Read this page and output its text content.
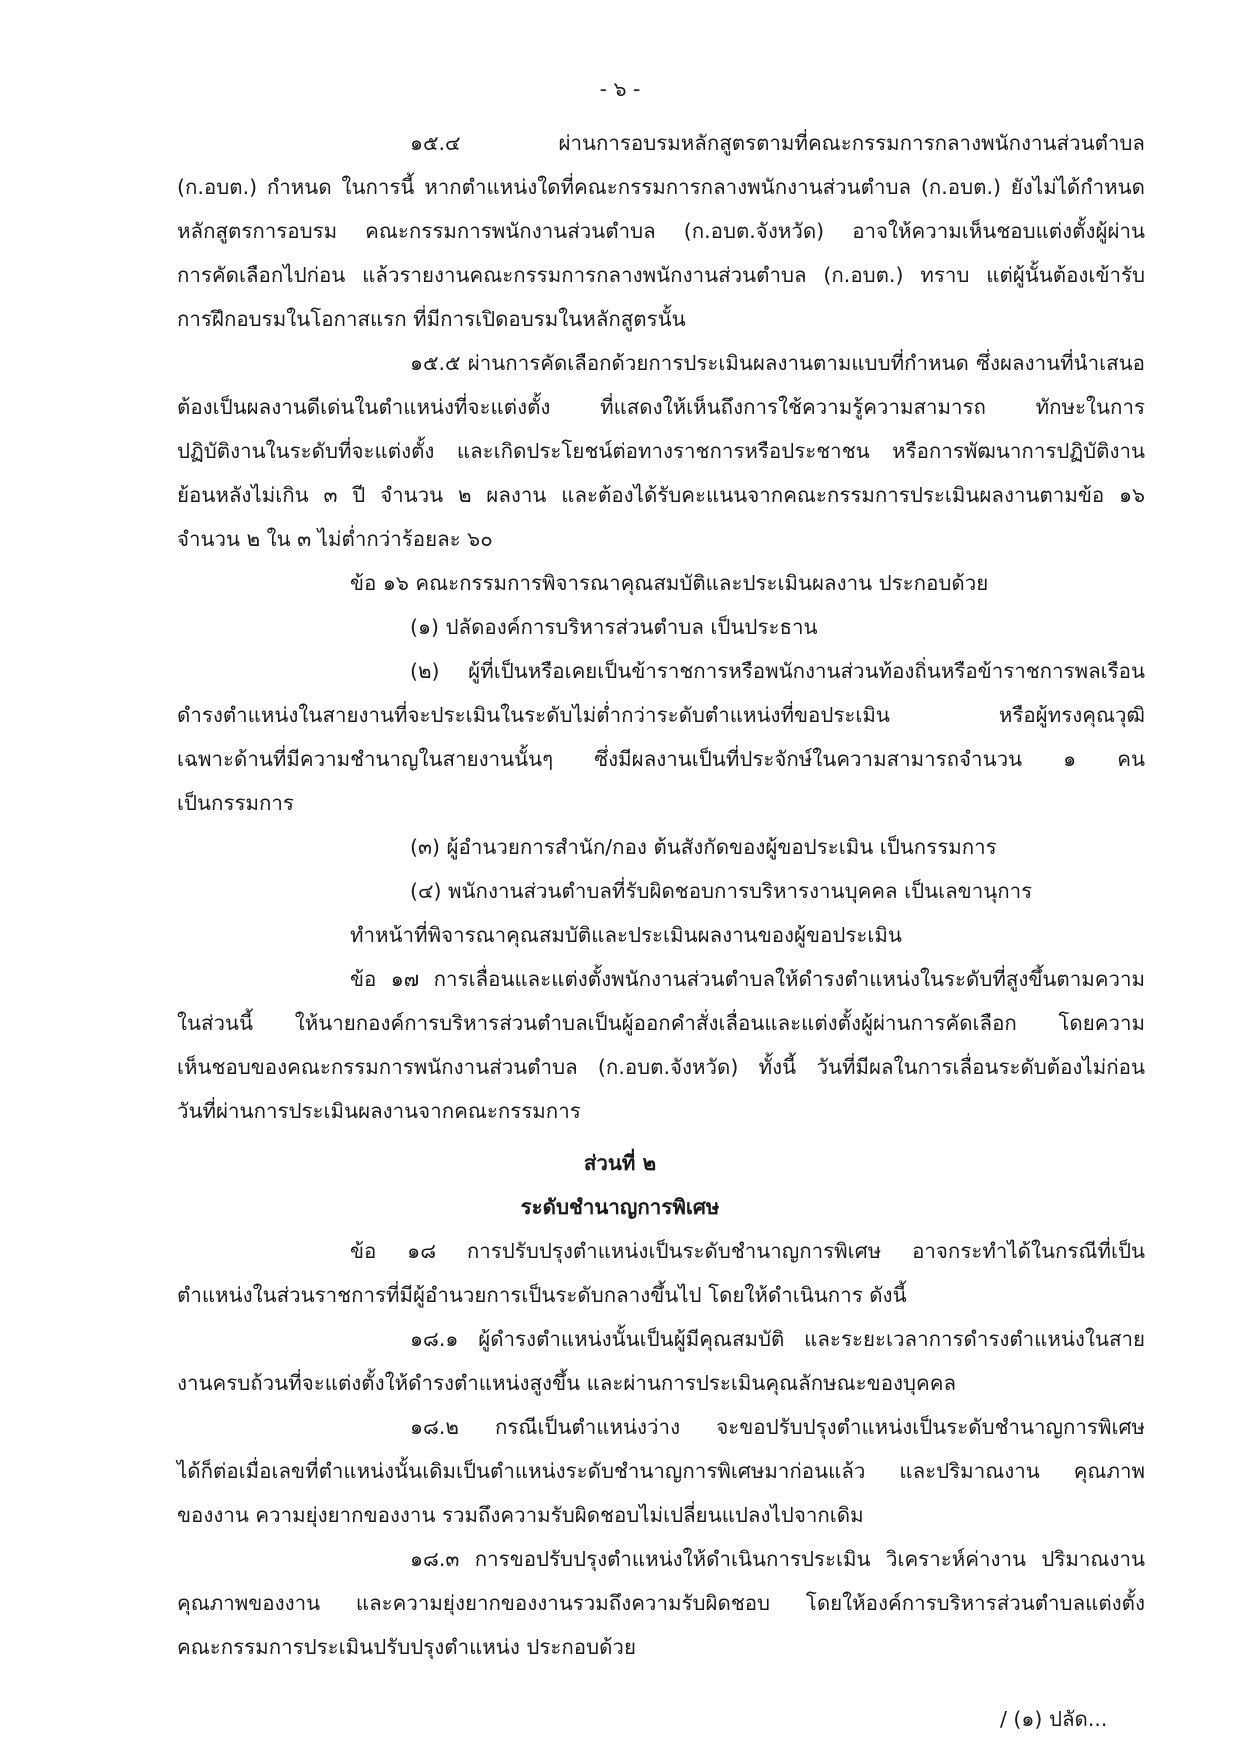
- ๖ -
๑๕.๔ ผ่านการอบรมหลักสูตรตามที่คณะกรรมการกลางพนักงานส่วนตำบล
(ก.อบต.) กำหนด ในการนี้ หากตำแหน่งใดที่คณะกรรมการกลางพนักงานส่วนตำบล (ก.อบต.) ยังไม่ได้กำหนด
หลักสูตรการอบรม คณะกรรมการพนักงานส่วนตำบล (ก.อบต.จังหวัด) อาจให้ความเห็นชอบแต่งตั้งผู้ผ่าน
การคัดเลือกไปก่อน แล้วรายงานคณะกรรมการกลางพนักงานส่วนตำบล (ก.อบต.) ทราบ แต่ผู้นั้นต้องเข้ารับ
การฝึกอบรมในโอกาสแรก ที่มีการเปิดอบรมในหลักสูตรนั้น
๑๕.๕ ผ่านการคัดเลือกด้วยการประเมินผลงานตามแบบที่กำหนด ซึ่งผลงานที่นำเสนอ
ต้องเป็นผลงานดีเด่นในตำแหน่งที่จะแต่งตั้ง ที่แสดงให้เห็นถึงการใช้ความรู้ความสามารถ ทักษะในการ
ปฏิบัติงานในระดับที่จะแต่งตั้ง และเกิดประโยชน์ต่อทางราชการหรือประชาชน หรือการพัฒนาการปฏิบัติงาน
ย้อนหลังไม่เกิน ๓ ปี จำนวน ๒ ผลงาน และต้องได้รับคะแนนจากคณะกรรมการประเมินผลงานตามข้อ ๑๖
จำนวน ๒ ใน ๓ ไม่ต่ำกว่าร้อยละ ๖๐
ข้อ ๑๖ คณะกรรมการพิจารณาคุณสมบัติและประเมินผลงาน ประกอบด้วย
(๑) ปลัดองค์การบริหารส่วนตำบล เป็นประธาน
(๒) ผู้ที่เป็นหรือเคยเป็นข้าราชการหรือพนักงานส่วนท้องถิ่นหรือข้าราชการพลเรือน
ดำรงตำแหน่งในสายงานที่จะประเมินในระดับไม่ต่ำกว่าระดับตำแหน่งที่ขอประเมิน หรือผู้ทรงคุณวุฒิ
เฉพาะด้านที่มีความชำนาญในสายงานนั้นๆ ซึ่งมีผลงานเป็นที่ประจักษ์ในความสามารถจำนวน ๑ คน
เป็นกรรมการ
(๓) ผู้อำนวยการสำนัก/กอง ต้นสังกัดของผู้ขอประเมิน เป็นกรรมการ
(๔) พนักงานส่วนตำบลที่รับผิดชอบการบริหารงานบุคคล เป็นเลขานุการ
ทำหน้าที่พิจารณาคุณสมบัติและประเมินผลงานของผู้ขอประเมิน
ข้อ ๑๗ การเลื่อนและแต่งตั้งพนักงานส่วนตำบลให้ดำรงตำแหน่งในระดับที่สูงขึ้นตามความ
ในส่วนนี้ ให้นายกองค์การบริหารส่วนตำบลเป็นผู้ออกคำสั่งเลื่อนและแต่งตั้งผู้ผ่านการคัดเลือก โดยความ
เห็นชอบของคณะกรรมการพนักงานส่วนตำบล (ก.อบต.จังหวัด) ทั้งนี้ วันที่มีผลในการเลื่อนระดับต้องไม่ก่อน
วันที่ผ่านการประเมินผลงานจากคณะกรรมการ
ส่วนที่ ๒
ระดับชำนาญการพิเศษ
ข้อ ๑๘ การปรับปรุงตำแหน่งเป็นระดับชำนาญการพิเศษ อาจกระทำได้ในกรณีที่เป็น
ตำแหน่งในส่วนราชการที่มีผู้อำนวยการเป็นระดับกลางขึ้นไป โดยให้ดำเนินการ ดังนี้
๑๘.๑ ผู้ดำรงตำแหน่งนั้นเป็นผู้มีคุณสมบัติ และระยะเวลาการดำรงตำแหน่งในสาย
งานครบถ้วนที่จะแต่งตั้งให้ดำรงตำแหน่งสูงขึ้น และผ่านการประเมินคุณลักษณะของบุคคล
๑๘.๒ กรณีเป็นตำแหน่งว่าง จะขอปรับปรุงตำแหน่งเป็นระดับชำนาญการพิเศษ
ได้ก็ต่อเมื่อเลขที่ตำแหน่งนั้นเดิมเป็นตำแหน่งระดับชำนาญการพิเศษมาก่อนแล้ว และปริมาณงาน คุณภาพ
ของงาน ความยุ่งยากของงาน รวมถึงความรับผิดชอบไม่เปลี่ยนแปลงไปจากเดิม
๑๘.๓ การขอปรับปรุงตำแหน่งให้ดำเนินการประเมิน วิเคราะห์ค่างาน ปริมาณงาน
คุณภาพของงาน และความยุ่งยากของงานรวมถึงความรับผิดชอบ โดยให้องค์การบริหารส่วนตำบลแต่งตั้ง
คณะกรรมการประเมินปรับปรุงตำแหน่ง ประกอบด้วย
/ (๑) ปลัด...
